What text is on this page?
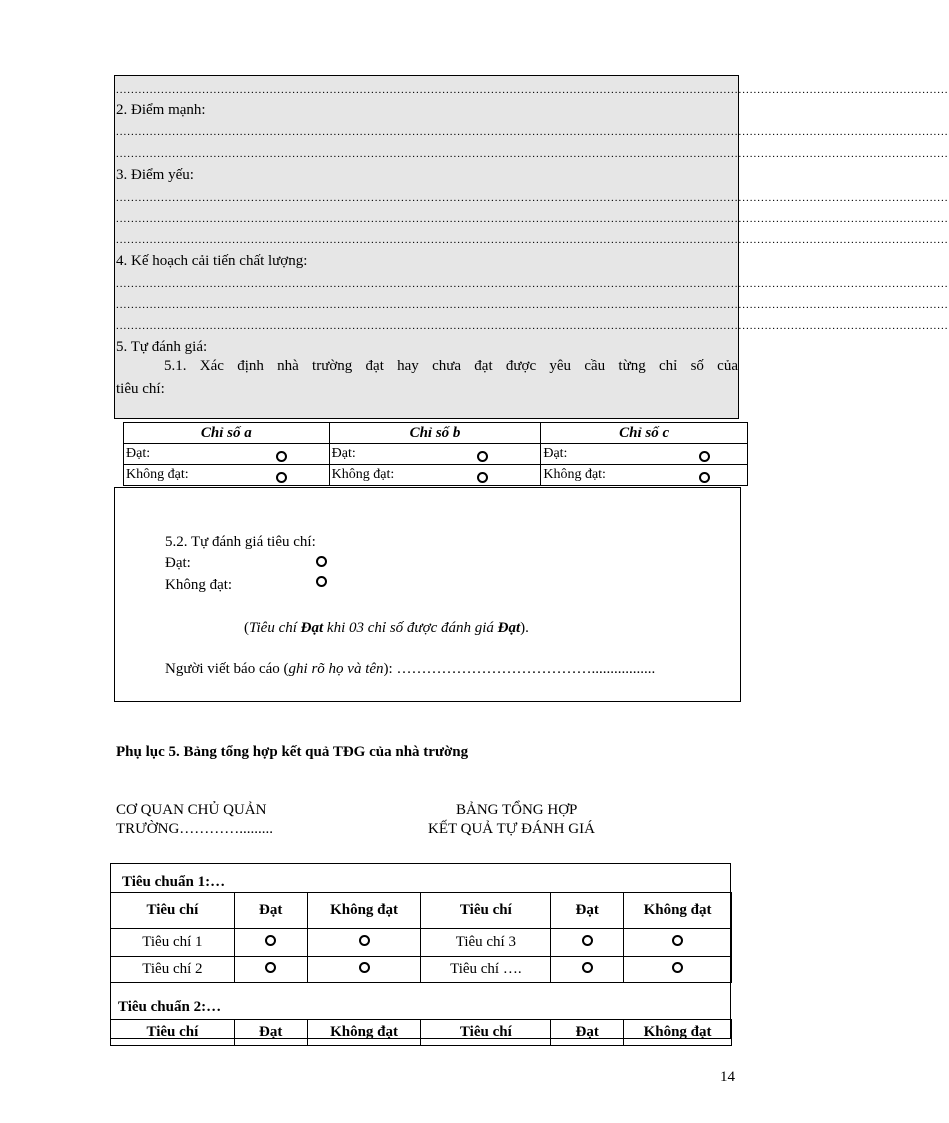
..............................................................................................................................................................................................................................
2. Điểm mạnh:
..............................................................................................................................................................................................................................
..............................................................................................................................................................................................................................
3. Điểm yếu:
..............................................................................................................................................................................................................................
..............................................................................................................................................................................................................................
..............................................................................................................................................................................................................................
4. Kế hoạch cải tiến chất lượng:
..............................................................................................................................................................................................................................
..............................................................................................................................................................................................................................
..............................................................................................................................................................................................................................
5. Tự đánh giá:
5.1. Xác định nhà trường đạt hay chưa đạt được yêu cầu từng chỉ số của
tiêu chí:
Chỉ số a	Chỉ số b	Chỉ số c

Đạt:	Đạt:	Đạt:

Không đạt:	Không đạt:	Không đạt:
5.2. Tự đánh giá tiêu chí:
Đạt:
Không đạt:
(Tiêu chí Đạt khi 03 chỉ số được đánh giá Đạt).
Người viết báo cáo (ghi rõ họ và tên): ………………………………….................
Phụ lục 5. Bảng tổng hợp kết quả TĐG của nhà trường
CƠ QUAN CHỦ QUẢN
TRƯỜNG………….........
BẢNG TỔNG HỢP
KẾT QUẢ TỰ ĐÁNH GIÁ
Tiêu chuẩn 1:…
Tiêu chí	Đạt	Không đạt	Tiêu chí	Đạt	Không đạt
Tiêu chí 1			Tiêu chí 3		
Tiêu chí 2			Tiêu chí ….		
Tiêu chuẩn 2:…
Tiêu chí	Đạt	Không đạt	Tiêu chí	Đạt	Không đạt
14
